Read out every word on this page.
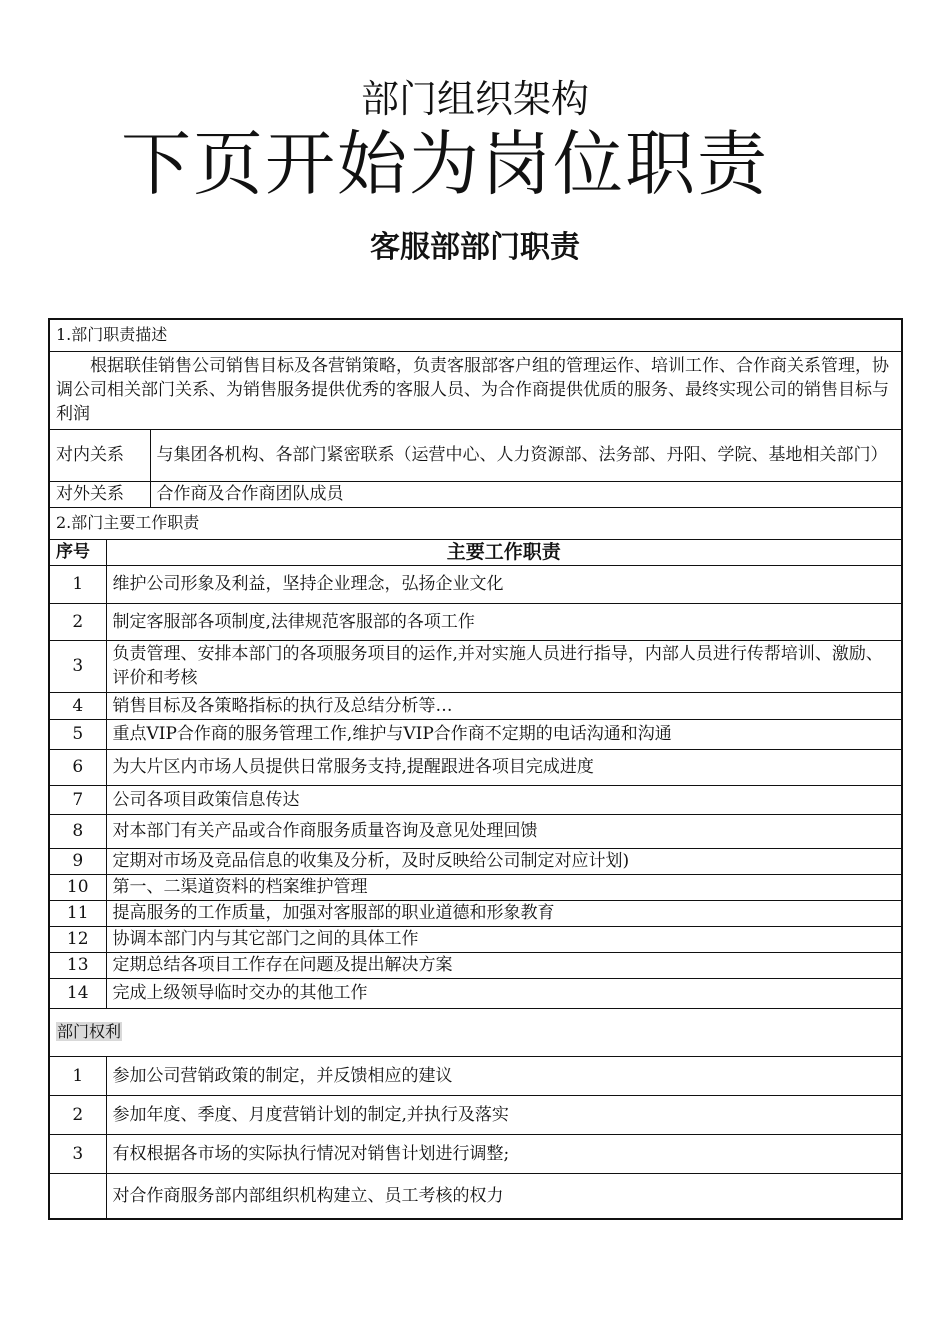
部门组织架构
下页开始为岗位职责
客服部部门职责
1.部门职责描述		
根据联佳销售公司销售目标及各营销策略，负责客服部客户组的管理运作、培训工作、合作商关系管理，协调公司相关部门关系、为销售服务提供优秀的客服人员、为合作商提供优质的服务、最终实现公司的销售目标与利润		
对内关系		与集团各机构、各部门紧密联系（运营中心、人力资源部、法务部、丹阳、学院、基地相关部门）
对外关系		合作商及合作商团队成员
2.部门主要工作职责		
序号	主要工作职责	
1	维护公司形象及利益，坚持企业理念，弘扬企业文化	
2	制定客服部各项制度,法律规范客服部的各项工作	
3	负责管理、安排本部门的各项服务项目的运作,并对实施人员进行指导，内部人员进行传帮培训、激励、评价和考核	
4	销售目标及各策略指标的执行及总结分析等…	
5	重点VIP合作商的服务管理工作,维护与VIP合作商不定期的电话沟通和沟通	
6	为大片区内市场人员提供日常服务支持,提醒跟进各项目完成进度	
7	公司各项目政策信息传达	
8	对本部门有关产品或合作商服务质量咨询及意见处理回馈	
9	定期对市场及竞品信息的收集及分析，及时反映给公司制定对应计划)	
10	第一、二渠道资料的档案维护管理	
11	提高服务的工作质量，加强对客服部的职业道德和形象教育	
12	协调本部门内与其它部门之间的具体工作	
13	定期总结各项目工作存在问题及提出解决方案	
14	完成上级领导临时交办的其他工作	
部门权利		
1	参加公司营销政策的制定，并反馈相应的建议	
2	参加年度、季度、月度营销计划的制定,并执行及落实	
3	有权根据各市场的实际执行情况对销售计划进行调整;	
	对合作商服务部内部组织机构建立、员工考核的权力	
